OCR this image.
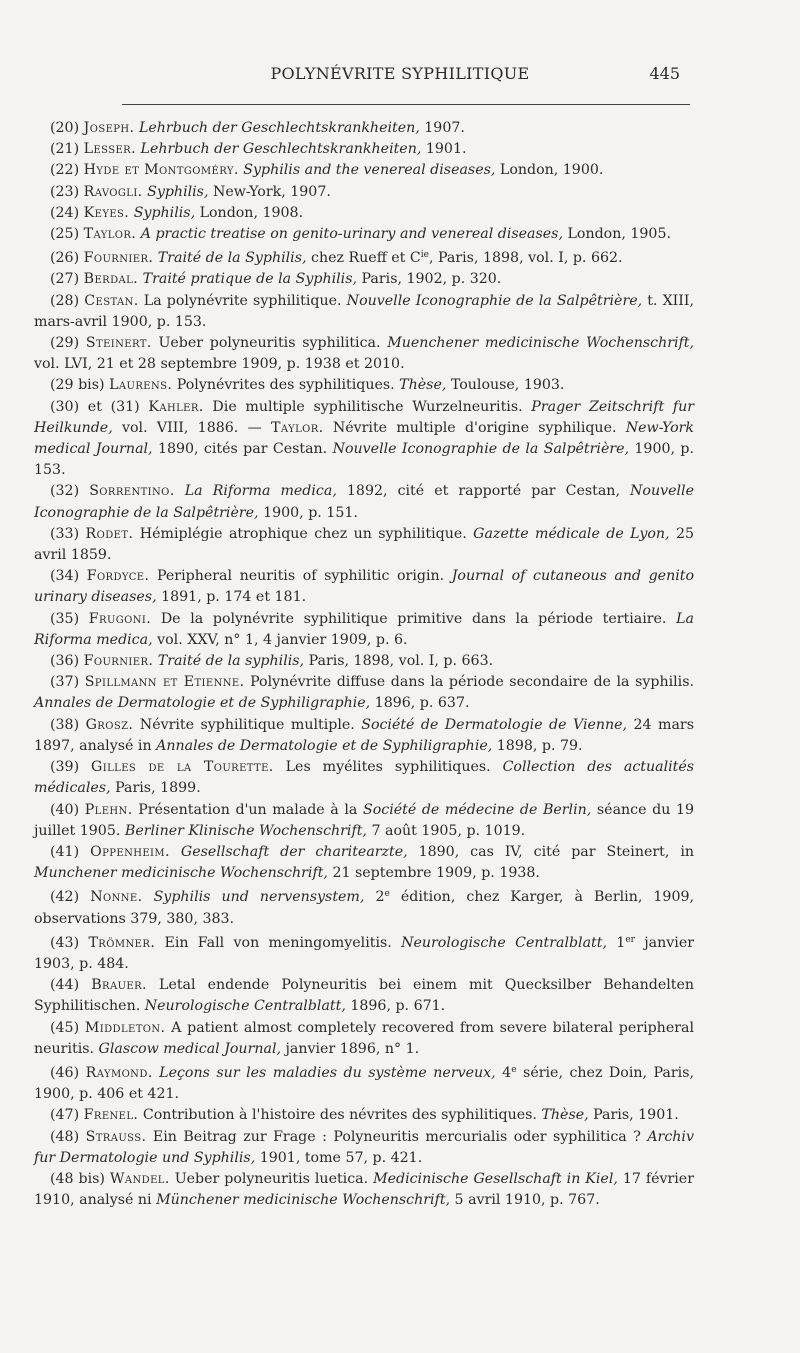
POLYNÉVRITE SYPHILITIQUE	445

(20) Joseph. Lehrbuch der Geschlechtskrankheiten, 1907.

(21) Lesser. Lehrbuch der Geschlechtskrankheiten, 1901.

(22) Hyde et Montgoméry. Syphilis and the venereal diseases, London, 1900.

(23) Ravogli. Syphilis, New-York, 1907.

(24) Keyes. Syphilis, London, 1908.

(25) Taylor. A practic treatise on genito-urinary and venereal diseases, London, 1905.

(26) Fournier. Traité de la Syphilis, chez Rueff et $C^{ie}$, Paris, 1898, vol. I, p. 662.

(27) Berdal. Traité pratique de la Syphilis, Paris, 1902, p. 320.

(28) Cestan. La polynévrite syphilitique. Nouvelle Iconographie de la Salpêtrière, t. XIII, mars-avril 1900, p. 153.

(29) Steinert. Ueber polyneuritis syphilitica. Muenchener medicinische Wochenschrift, vol. LVI, 21 et 28 septembre 1909, p. 1938 et 2010.

(29 bis) Laurens. Polynévrites des syphilitiques. Thèse, Toulouse, 1903.

(30) et (31) Kahler. Die multiple syphilitische Wurzelneuritis. Prager Zeitschrift fur Heilkunde, vol. VIII, 1886. — Taylor. Névrite multiple d'origine syphilique. New-York medical Journal, 1890, cités par Cestan. Nouvelle Iconographie de la Salpêtrière, 1900, p. 153.

(32) Sorrentino. La Riforma medica, 1892, cité et rapporté par Cestan, Nouvelle Iconographie de la Salpêtrière, 1900, p. 151.

(33) Rodet. Hémiplégie atrophique chez un syphilitique. Gazette médicale de Lyon, 25 avril 1859.

(34) Fordyce. Peripheral neuritis of syphilitic origin. Journal of cutaneous and genito urinary diseases, 1891, p. 174 et 181.

(35) Frugoni. De la polynévrite syphilitique primitive dans la période tertiaire. La Riforma medica, vol. XXV, n° 1, 4 janvier 1909, p. 6.

(36) Fournier. Traité de la syphilis, Paris, 1898, vol. I, p. 663.

(37) Spillmann et Etienne. Polynévrite diffuse dans la période secondaire de la syphilis. Annales de Dermatologie et de Syphiligraphie, 1896, p. 637.

(38) Grosz. Névrite syphilitique multiple. Société de Dermatologie de Vienne, 24 mars 1897, analysé in Annales de Dermatologie et de Syphiligraphie, 1898, p. 79.

(39) Gilles de la Tourette. Les myélites syphilitiques. Collection des actualités médicales, Paris, 1899.

(40) Plehn. Présentation d'un malade à la Société de médecine de Berlin, séance du 19 juillet 1905. Berliner Klinische Wochenschrift, 7 août 1905, p. 1019.

(41) Oppenheim. Gesellschaft der charitearzte, 1890, cas IV, cité par Steinert, in Munchener medicinische Wochenschrift, 21 septembre 1909, p. 1938.

(42) Nonne. Syphilis und nervensystem, 2e édition, chez Karger, à Berlin, 1909, observations 379, 380, 383.

(43) Trömner. Ein Fall von meningomyelitis. Neurologische Centralblatt, 1er janvier 1903, p. 484.

(44) Brauer. Letal endende Polyneuritis bei einem mit Quecksilber Behandelten Syphilitischen. Neurologische Centralblatt, 1896, p. 671.

(45) Middleton. A patient almost completely recovered from severe bilateral peripheral neuritis. Glascow medical Journal, janvier 1896, n° 1.

(46) Raymond. Leçons sur les maladies du système nerveux, 4e série, chez Doin, Paris, 1900, p. 406 et 421.

(47) Frenel. Contribution à l'histoire des névrites des syphilitiques. Thèse, Paris, 1901.

(48) Strauss. Ein Beitrag zur Frage : Polyneuritis mercurialis oder syphilitica ? Archiv fur Dermatologie und Syphilis, 1901, tome 57, p. 421.

(48 bis) Wandel. Ueber polyneuritis luetica. Medicinische Gesellschaft in Kiel, 17 février 1910, analysé ni Münchener medicinische Wochenschrift, 5 avril 1910, p. 767.
